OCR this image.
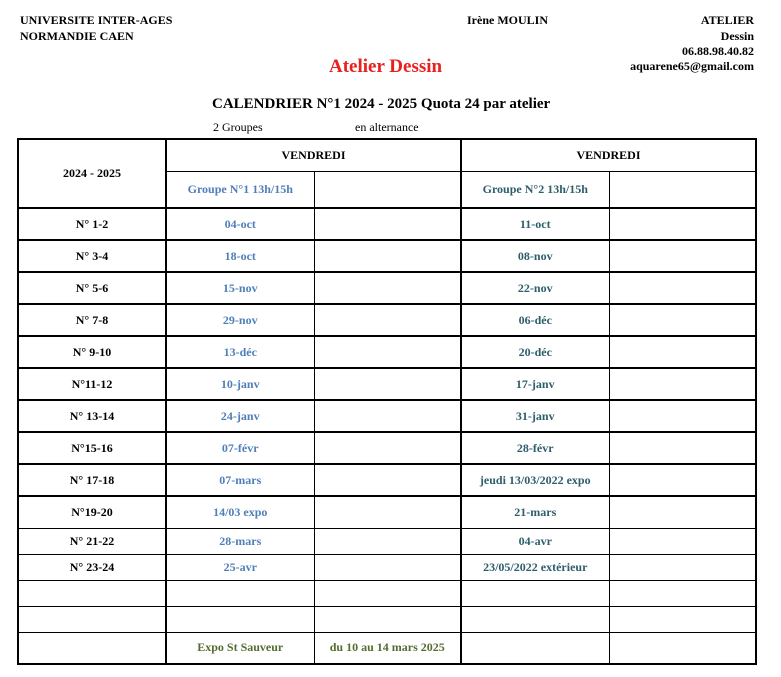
UNIVERSITE INTER-AGES
NORMANDIE CAEN
Irène MOULIN	ATELIER
Dessin
06.88.98.40.82
aquarene65@gmail.com
Atelier Dessin
CALENDRIER N°1 2024 - 2025 Quota 24 par atelier
2 Groupes	en alternance
2024 - 2025	VENDREDI		VENDREDI	
	Groupe N°1 13h/15h		Groupe N°2 13h/15h	
N° 1-2	04-oct		11-oct	
N° 3-4	18-oct		08-nov	
N° 5-6	15-nov		22-nov	
N° 7-8	29-nov		06-déc	
N° 9-10	13-déc		20-déc	
N°11-12	10-janv		17-janv	
N° 13-14	24-janv		31-janv	
N°15-16	07-févr		28-févr	
N° 17-18	07-mars		jeudi 13/03/2022 expo	
N°19-20	14/03 expo		21-mars	
N° 21-22	28-mars		04-avr	
N° 23-24	25-avr		23/05/2022 extérieur	

	Expo St Sauveur	du 10 au 14 mars 2025		
